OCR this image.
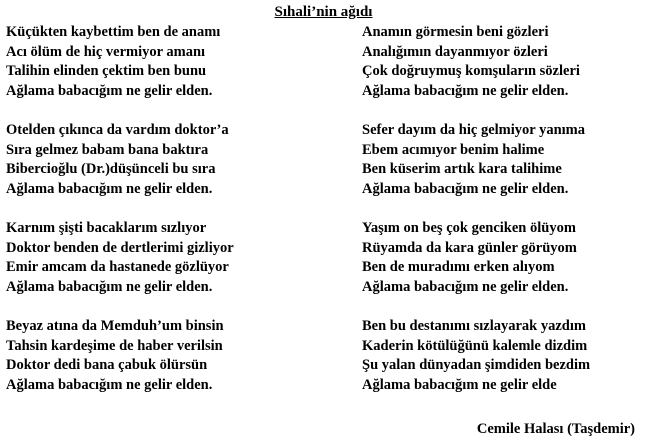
Sıhali’nin ağıdı
Küçükten kaybettim ben de anamı
Acı ölüm de hiç vermiyor amanı
Talihin elinden çektim ben bunu
Ağlama babacığım ne gelir elden.
Otelden çıkınca da vardım doktor’a
Sıra gelmez babam bana baktıra
Bibercioğlu (Dr.)düşünceli bu sıra
Ağlama babacığım ne gelir elden.
Karnım şişti bacaklarım sızlıyor
Doktor benden de dertlerimi gizliyor
Emir amcam da hastanede gözlüyor
Ağlama babacığım ne gelir elden.
Beyaz atına da Memduh’um binsin
Tahsin kardeşime de haber verilsin
Doktor dedi bana çabuk ölürsün
Ağlama babacığım ne gelir elden.
Anamın görmesin beni gözleri
Analığımın dayanmıyor özleri
Çok doğruymuş komşuların sözleri
Ağlama babacığım ne gelir elden.
Sefer dayım da hiç gelmiyor yanıma
Ebem acımıyor benim halime
Ben küserim artık kara talihime
Ağlama babacığım ne gelir elden.
Yaşım on beş çok genciken ölüyom
Rüyamda da kara günler görüyom
Ben de muradımı erken alıyom
Ağlama babacığım ne gelir elden.
Ben bu destanımı sızlayarak yazdım
Kaderin kötülüğünü kalemle dizdim
Şu yalan dünyadan şimdiden bezdim
Ağlama babacığım ne gelir elde
Cemile Halası (Taşdemir)
